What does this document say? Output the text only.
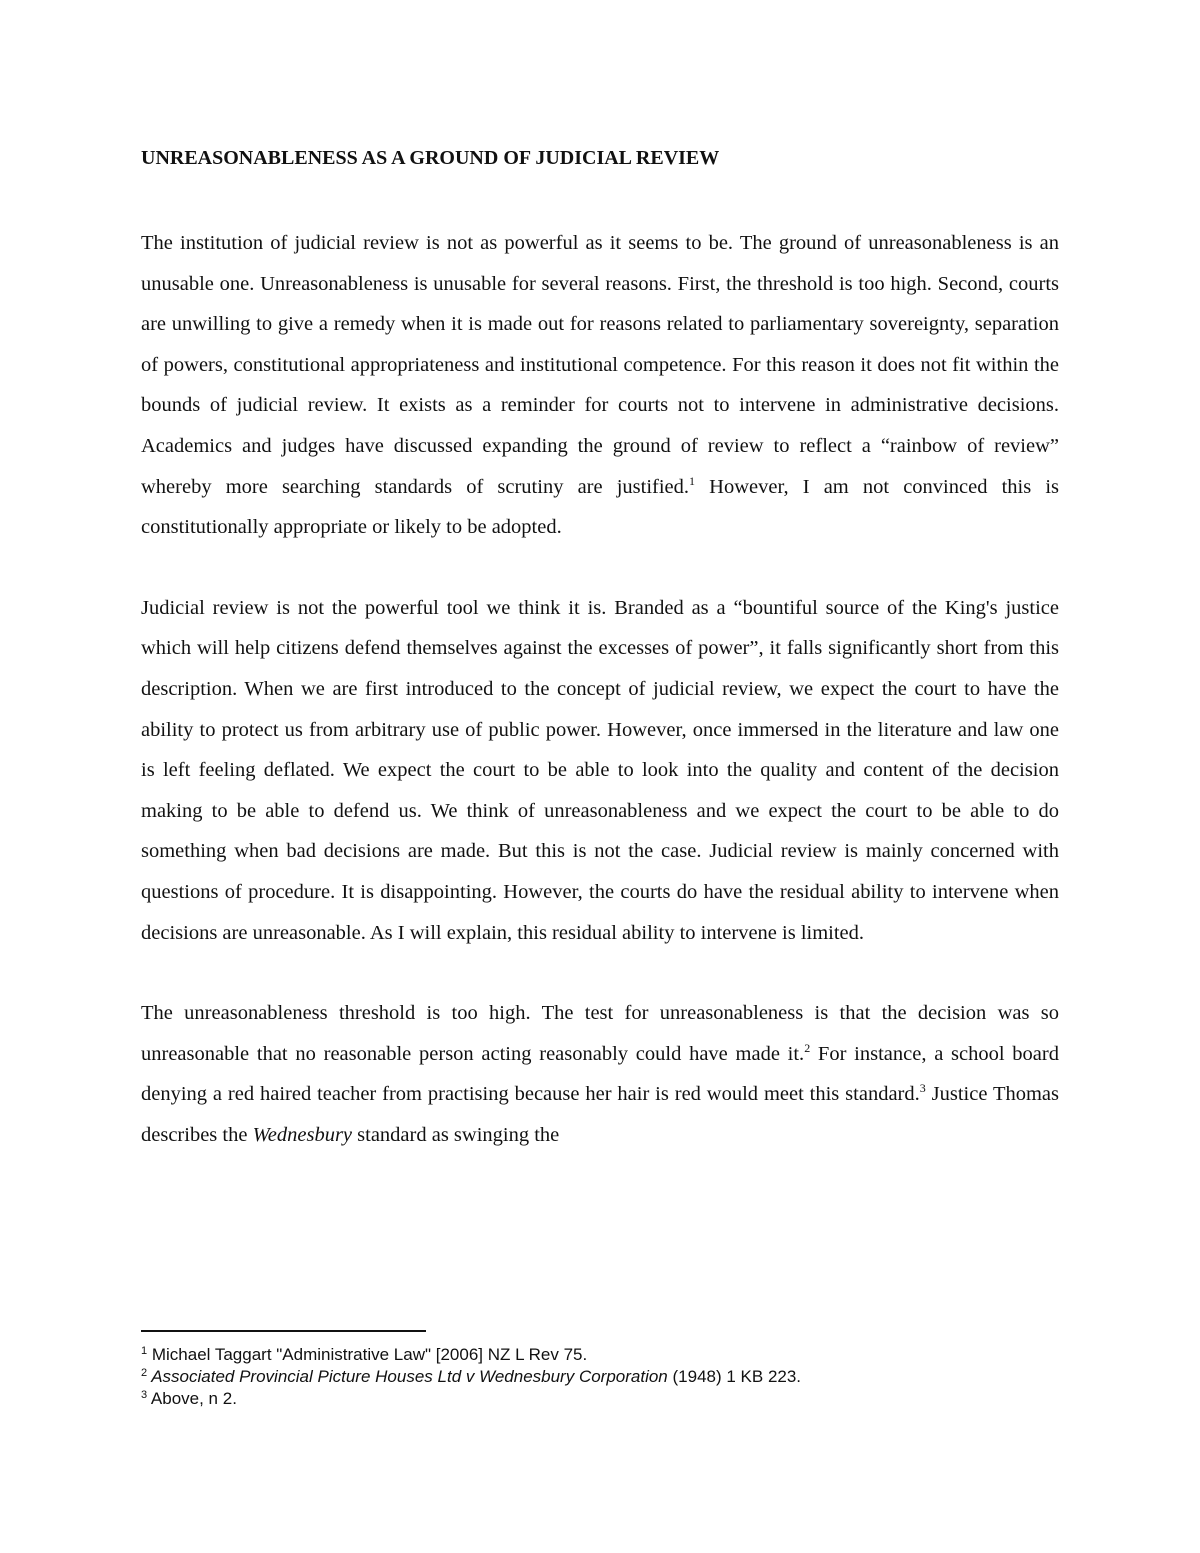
UNREASONABLENESS AS A GROUND OF JUDICIAL REVIEW

The institution of judicial review is not as powerful as it seems to be. The ground of unreasonableness is an unusable one. Unreasonableness is unusable for several reasons. First, the threshold is too high. Second, courts are unwilling to give a remedy when it is made out for reasons related to parliamentary sovereignty, separation of powers, constitutional appropriateness and institutional competence. For this reason it does not fit within the bounds of judicial review. It exists as a reminder for courts not to intervene in administrative decisions. Academics and judges have discussed expanding the ground of review to reflect a “rainbow of review” whereby more searching standards of scrutiny are justified.$^1$ However, I am not convinced this is constitutionally appropriate or likely to be adopted.

Judicial review is not the powerful tool we think it is. Branded as a “bountiful source of the King's justice which will help citizens defend themselves against the excesses of power”, it falls significantly short from this description. When we are first introduced to the concept of judicial review, we expect the court to have the ability to protect us from arbitrary use of public power. However, once immersed in the literature and law one is left feeling deflated. We expect the court to be able to look into the quality and content of the decision making to be able to defend us. We think of unreasonableness and we expect the court to be able to do something when bad decisions are made. But this is not the case. Judicial review is mainly concerned with questions of procedure. It is disappointing. However, the courts do have the residual ability to intervene when decisions are unreasonable. As I will explain, this residual ability to intervene is limited.

The unreasonableness threshold is too high. The test for unreasonableness is that the decision was so unreasonable that no reasonable person acting reasonably could have made it.$^2$ For instance, a school board denying a red haired teacher from practising because her hair is red would meet this standard.$^3$ Justice Thomas describes the Wednesbury standard as swinging the

$^1$ Michael Taggart "Administrative Law" [2006] NZ L Rev 75.

$^2$ Associated Provincial Picture Houses Ltd v Wednesbury Corporation (1948) 1 KB 223.

$^3$ Above, n 2.
